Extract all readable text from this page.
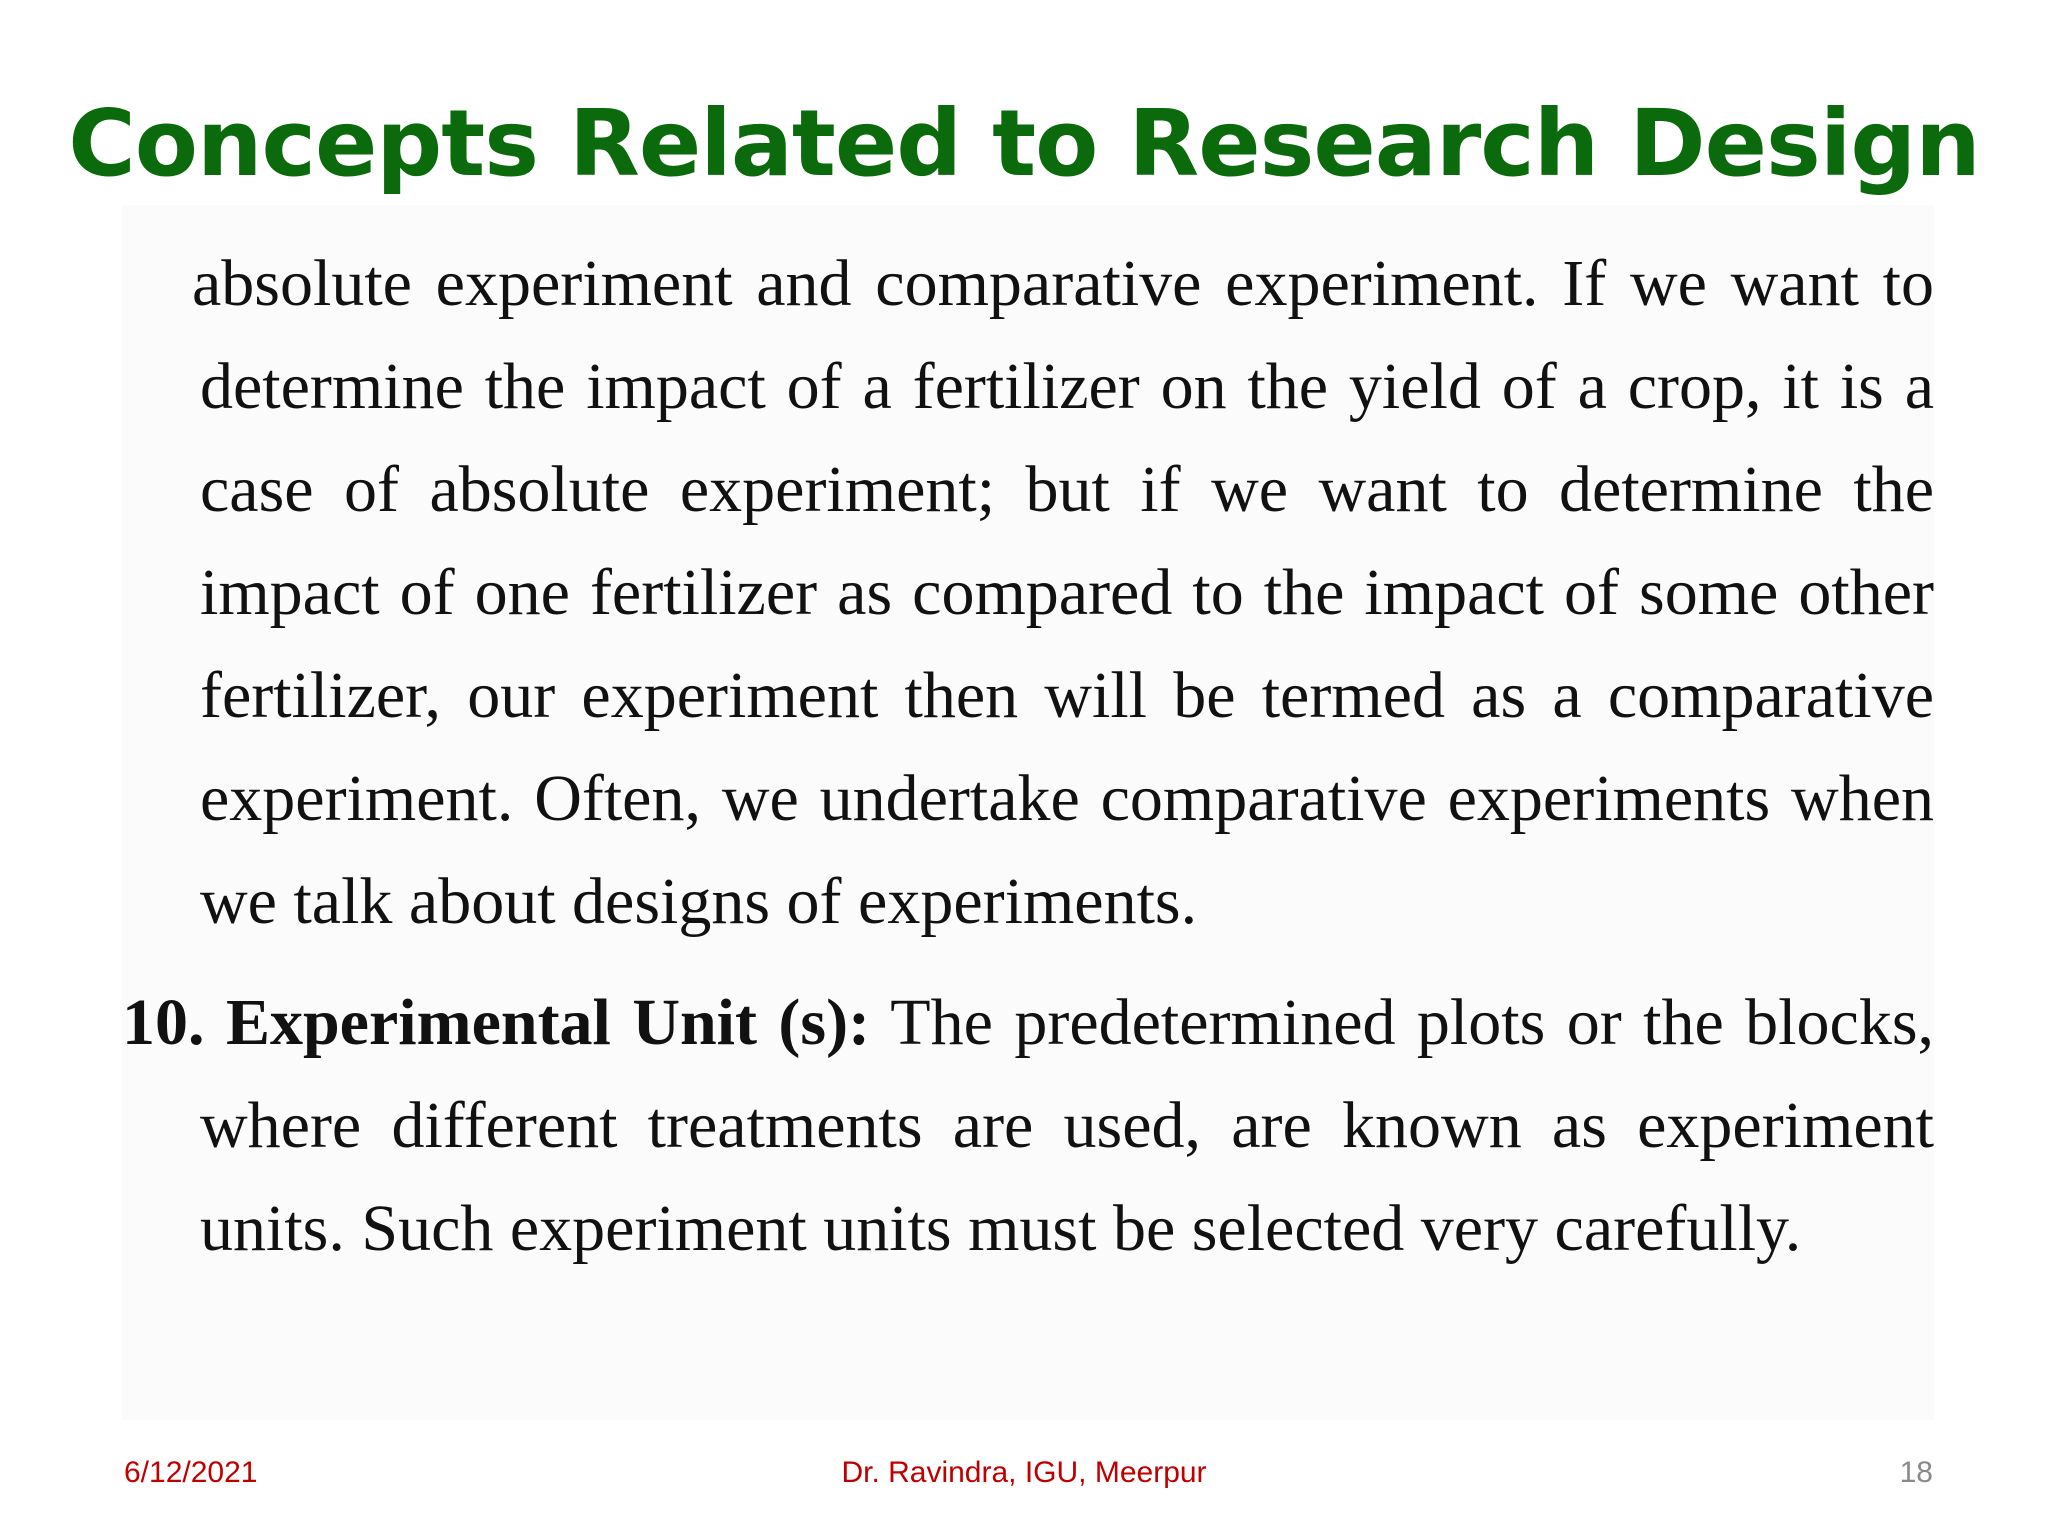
Concepts Related to Research Design

absolute experiment and comparative experiment. If we want to determine the impact of a fertilizer on the yield of a crop, it is a case of absolute experiment; but if we want to determine the impact of one fertilizer as compared to the impact of some other fertilizer, our experiment then will be termed as a comparative experiment. Often, we undertake comparative experiments when we talk about designs of experiments.

10. Experimental Unit (s): The predetermined plots or the blocks, where different treatments are used, are known as experiment units. Such experiment units must be selected very carefully.

6/12/2021	Dr. Ravindra, IGU, Meerpur	18
